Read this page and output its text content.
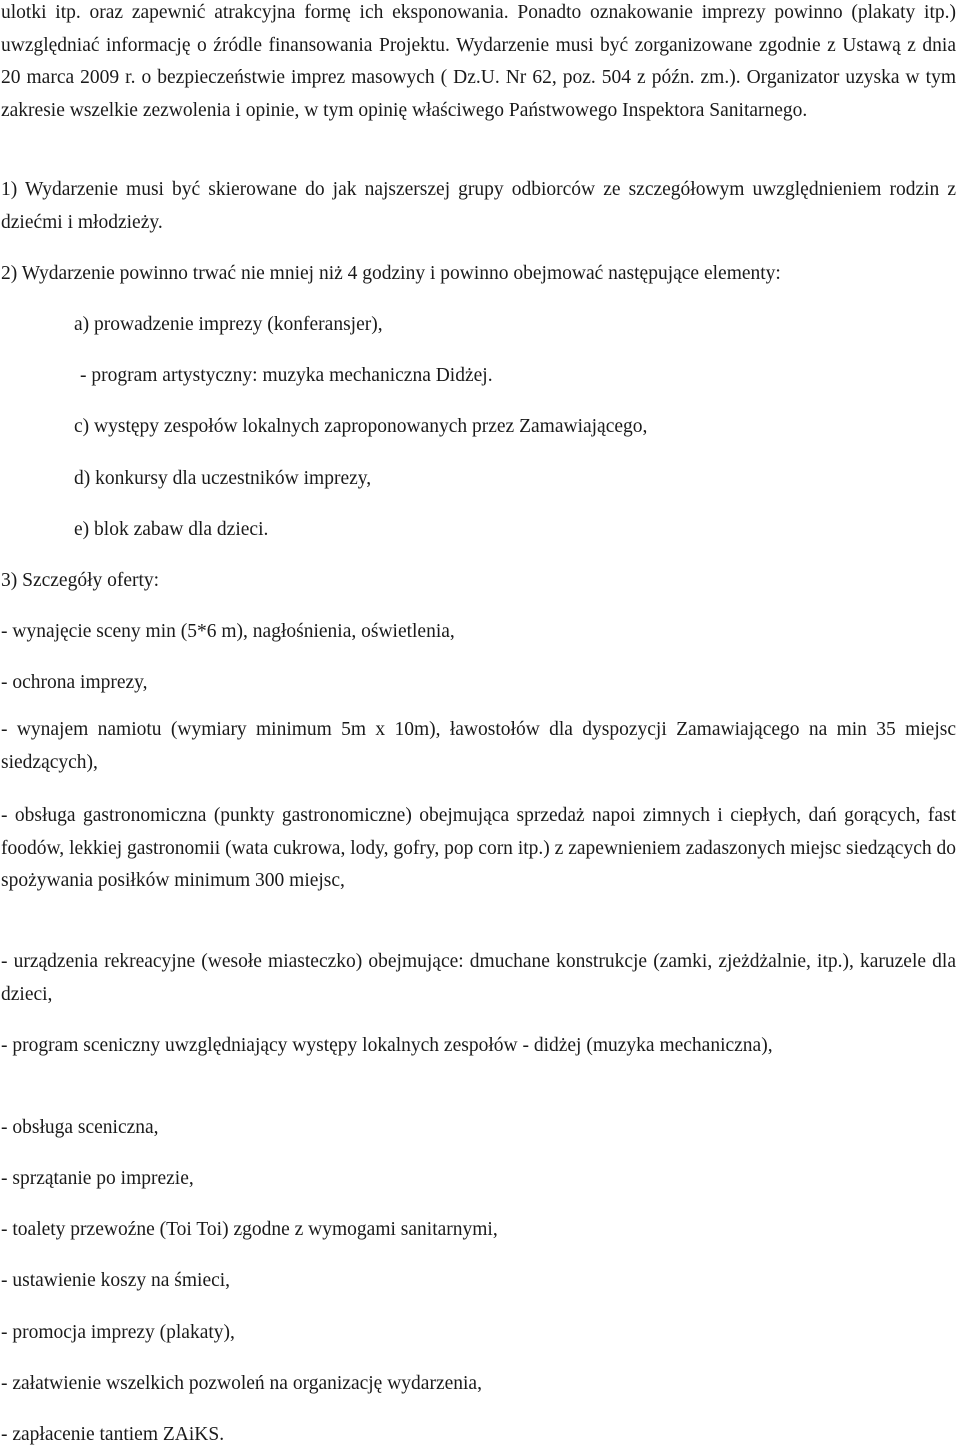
ulotki itp. oraz zapewnić atrakcyjna formę ich eksponowania. Ponadto oznakowanie imprezy powinno (plakaty itp.) uwzględniać informację o źródle finansowania Projektu. Wydarzenie musi być zorganizowane zgodnie z Ustawą z dnia 20 marca 2009 r. o bezpieczeństwie imprez masowych ( Dz.U. Nr 62, poz. 504 z późn. zm.). Organizator uzyska w tym zakresie wszelkie zezwolenia i opinie, w tym opinię właściwego Państwowego Inspektora Sanitarnego.

1) Wydarzenie musi być skierowane do jak najszerszej grupy odbiorców ze szczegółowym uwzględnieniem rodzin z dziećmi i młodzieży.

2) Wydarzenie powinno trwać nie mniej niż 4 godziny i powinno obejmować następujące elementy:

a) prowadzenie imprezy (konferansjer),

- program artystyczny: muzyka mechaniczna Didżej.

c) występy zespołów lokalnych zaproponowanych przez Zamawiającego,

d) konkursy dla uczestników imprezy,

e) blok zabaw dla dzieci.

3) Szczegóły oferty:

- wynajęcie sceny min (5*6 m), nagłośnienia, oświetlenia,

- ochrona imprezy,

- wynajem namiotu (wymiary minimum 5m x 10m), ławostołów dla dyspozycji Zamawiającego na min 35 miejsc siedzących),

- obsługa gastronomiczna (punkty gastronomiczne) obejmująca sprzedaż napoi zimnych i ciepłych, dań gorących, fast foodów, lekkiej gastronomii (wata cukrowa, lody, gofry, pop corn itp.) z zapewnieniem zadaszonych miejsc siedzących do spożywania posiłków minimum 300 miejsc,

- urządzenia rekreacyjne (wesołe miasteczko) obejmujące: dmuchane konstrukcje (zamki, zjeżdżalnie, itp.), karuzele dla dzieci,

- program sceniczny uwzględniający występy lokalnych zespołów - didżej (muzyka mechaniczna),

- obsługa sceniczna,

- sprzątanie po imprezie,

- toalety przewoźne (Toi Toi) zgodne z wymogami sanitarnymi,

- ustawienie koszy na śmieci,

- promocja imprezy (plakaty),

- załatwienie wszelkich pozwoleń na organizację wydarzenia,

- zapłacenie tantiem ZAiKS.
